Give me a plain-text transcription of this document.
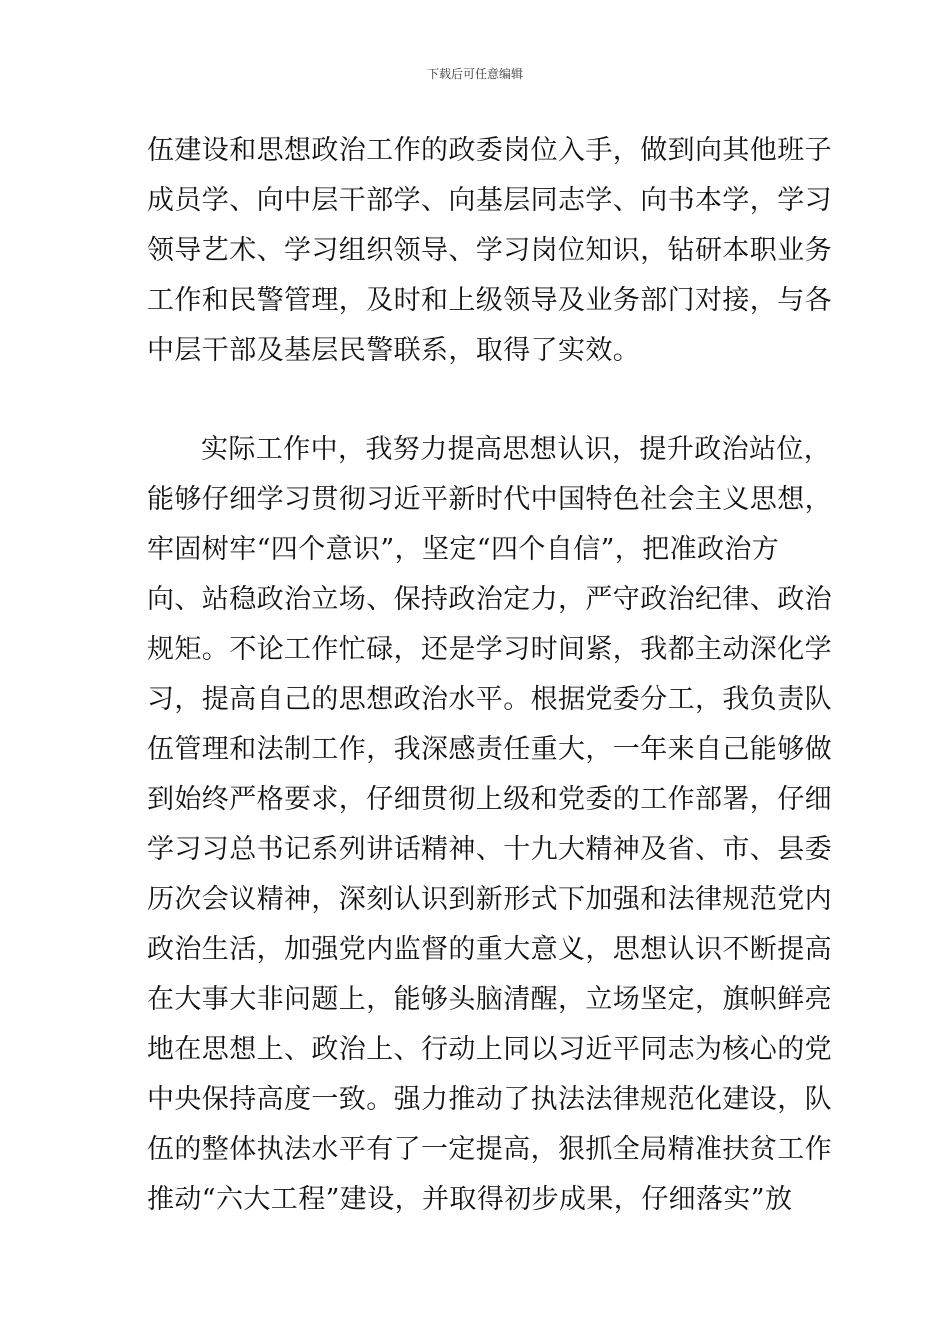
下载后可任意编辑
伍建设和思想政治工作的政委岗位入手，做到向其他班子
成员学、向中层干部学、向基层同志学、向书本学，学习
领导艺术、学习组织领导、学习岗位知识，钻研本职业务
工作和民警管理，及时和上级领导及业务部门对接，与各
中层干部及基层民警联系，取得了实效。
实际工作中，我努力提高思想认识，提升政治站位，
能够仔细学习贯彻习近平新时代中国特色社会主义思想，
牢固树牢“四个意识”，坚定“四个自信”，把准政治方
向、站稳政治立场、保持政治定力，严守政治纪律、政治
规矩。不论工作忙碌，还是学习时间紧，我都主动深化学
习，提高自己的思想政治水平。根据党委分工，我负责队
伍管理和法制工作，我深感责任重大，一年来自己能够做
到始终严格要求，仔细贯彻上级和党委的工作部署，仔细
学习习总书记系列讲话精神、十九大精神及省、市、县委
历次会议精神，深刻认识到新形式下加强和法律规范党内
政治生活，加强党内监督的重大意义，思想认识不断提高
在大事大非问题上，能够头脑清醒，立场坚定，旗帜鲜亮
地在思想上、政治上、行动上同以习近平同志为核心的党
中央保持高度一致。强力推动了执法法律规范化建设，队
伍的整体执法水平有了一定提高，狠抓全局精准扶贫工作
推动“六大工程”建设，并取得初步成果，仔细落实”放
